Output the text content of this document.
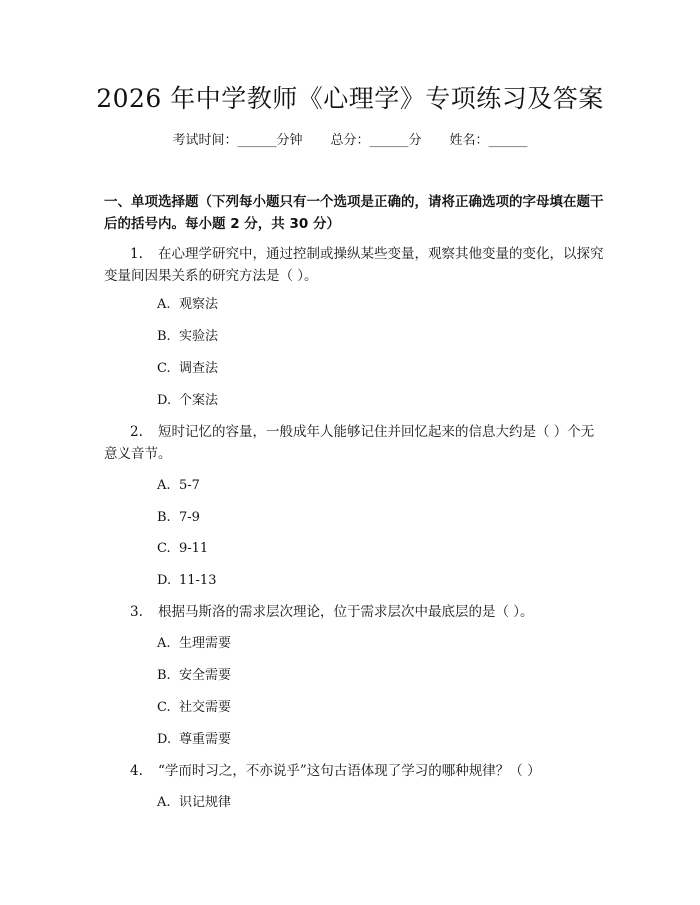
2026 年中学教师《心理学》专项练习及答案
考试时间：______分钟 总分：______分 姓名：______
一、单项选择题（下列每小题只有一个选项是正确的，请将正确选项的字母填在题干后的括号内。每小题 2 分，共 30 分）
1. 在心理学研究中，通过控制或操纵某些变量，观察其他变量的变化，以探究变量间因果关系的研究方法是（ ）。
A. 观察法
B. 实验法
C. 调查法
D. 个案法
2. 短时记忆的容量，一般成年人能够记住并回忆起来的信息大约是（ ）个无意义音节。
A. 5-7
B. 7-9
C. 9-11
D. 11-13
3. 根据马斯洛的需求层次理论，位于需求层次中最底层的是（ ）。
A. 生理需要
B. 安全需要
C. 社交需要
D. 尊重需要
4. “学而时习之，不亦说乎”这句古语体现了学习的哪种规律？（ ）
A. 识记规律
